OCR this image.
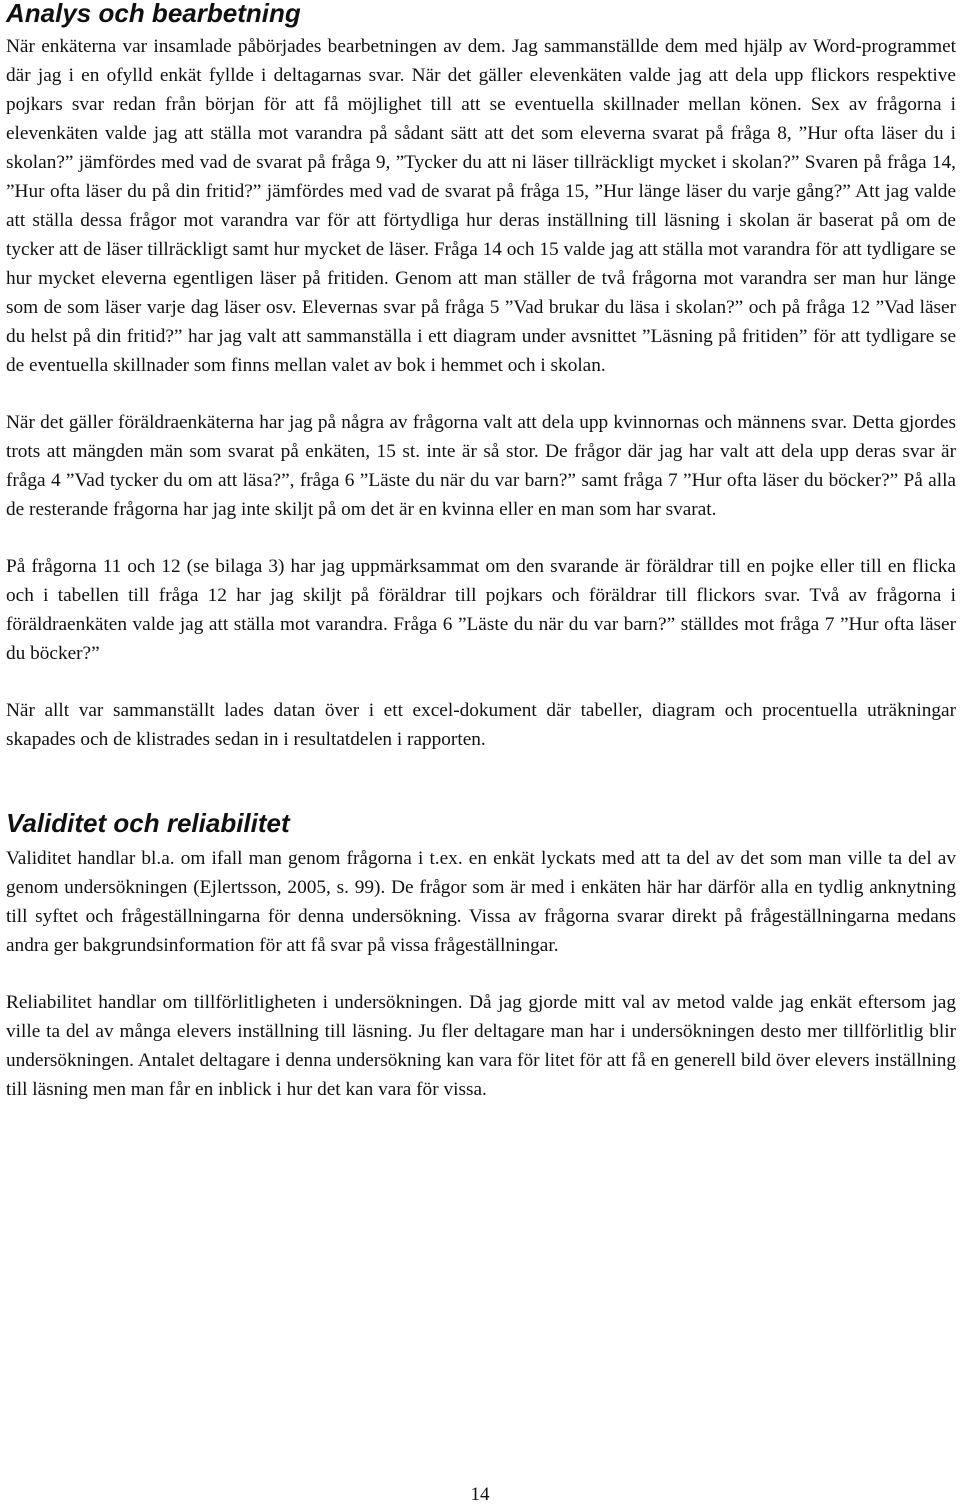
Analys och bearbetning

När enkäterna var insamlade påbörjades bearbetningen av dem. Jag sammanställde dem med hjälp av Word-programmet där jag i en ofylld enkät fyllde i deltagarnas svar. När det gäller elevenkäten valde jag att dela upp flickors respektive pojkars svar redan från början för att få möjlighet till att se eventuella skillnader mellan könen. Sex av frågorna i elevenkäten valde jag att ställa mot varandra på sådant sätt att det som eleverna svarat på fråga 8, ”Hur ofta läser du i skolan?” jämfördes med vad de svarat på fråga 9, ”Tycker du att ni läser tillräckligt mycket i skolan?” Svaren på fråga 14, ”Hur ofta läser du på din fritid?” jämfördes med vad de svarat på fråga 15, ”Hur länge läser du varje gång?” Att jag valde att ställa dessa frågor mot varandra var för att förtydliga hur deras inställning till läsning i skolan är baserat på om de tycker att de läser tillräckligt samt hur mycket de läser. Fråga 14 och 15 valde jag att ställa mot varandra för att tydligare se hur mycket eleverna egentligen läser på fritiden. Genom att man ställer de två frågorna mot varandra ser man hur länge som de som läser varje dag läser osv. Elevernas svar på fråga 5 ”Vad brukar du läsa i skolan?” och på fråga 12 ”Vad läser du helst på din fritid?” har jag valt att sammanställa i ett diagram under avsnittet ”Läsning på fritiden” för att tydligare se de eventuella skillnader som finns mellan valet av bok i hemmet och i skolan.

När det gäller föräldraenkäterna har jag på några av frågorna valt att dela upp kvinnornas och männens svar. Detta gjordes trots att mängden män som svarat på enkäten, 15 st. inte är så stor. De frågor där jag har valt att dela upp deras svar är fråga 4 ”Vad tycker du om att läsa?”, fråga 6 ”Läste du när du var barn?” samt fråga 7 ”Hur ofta läser du böcker?” På alla de resterande frågorna har jag inte skiljt på om det är en kvinna eller en man som har svarat.

På frågorna 11 och 12 (se bilaga 3) har jag uppmärksammat om den svarande är föräldrar till en pojke eller till en flicka och i tabellen till fråga 12 har jag skiljt på föräldrar till pojkars och föräldrar till flickors svar. Två av frågorna i föräldraenkäten valde jag att ställa mot varandra. Fråga 6 ”Läste du när du var barn?” ställdes mot fråga 7 ”Hur ofta läser du böcker?”

När allt var sammanställt lades datan över i ett excel-dokument där tabeller, diagram och procentuella uträkningar skapades och de klistrades sedan in i resultatdelen i rapporten.

Validitet och reliabilitet

Validitet handlar bl.a. om ifall man genom frågorna i t.ex. en enkät lyckats med att ta del av det som man ville ta del av genom undersökningen (Ejlertsson, 2005, s. 99). De frågor som är med i enkäten här har därför alla en tydlig anknytning till syftet och frågeställningarna för denna undersökning. Vissa av frågorna svarar direkt på frågeställningarna medans andra ger bakgrundsinformation för att få svar på vissa frågeställningar.

Reliabilitet handlar om tillförlitligheten i undersökningen. Då jag gjorde mitt val av metod valde jag enkät eftersom jag ville ta del av många elevers inställning till läsning. Ju fler deltagare man har i undersökningen desto mer tillförlitlig blir undersökningen. Antalet deltagare i denna undersökning kan vara för litet för att få en generell bild över elevers inställning till läsning men man får en inblick i hur det kan vara för vissa.

14
